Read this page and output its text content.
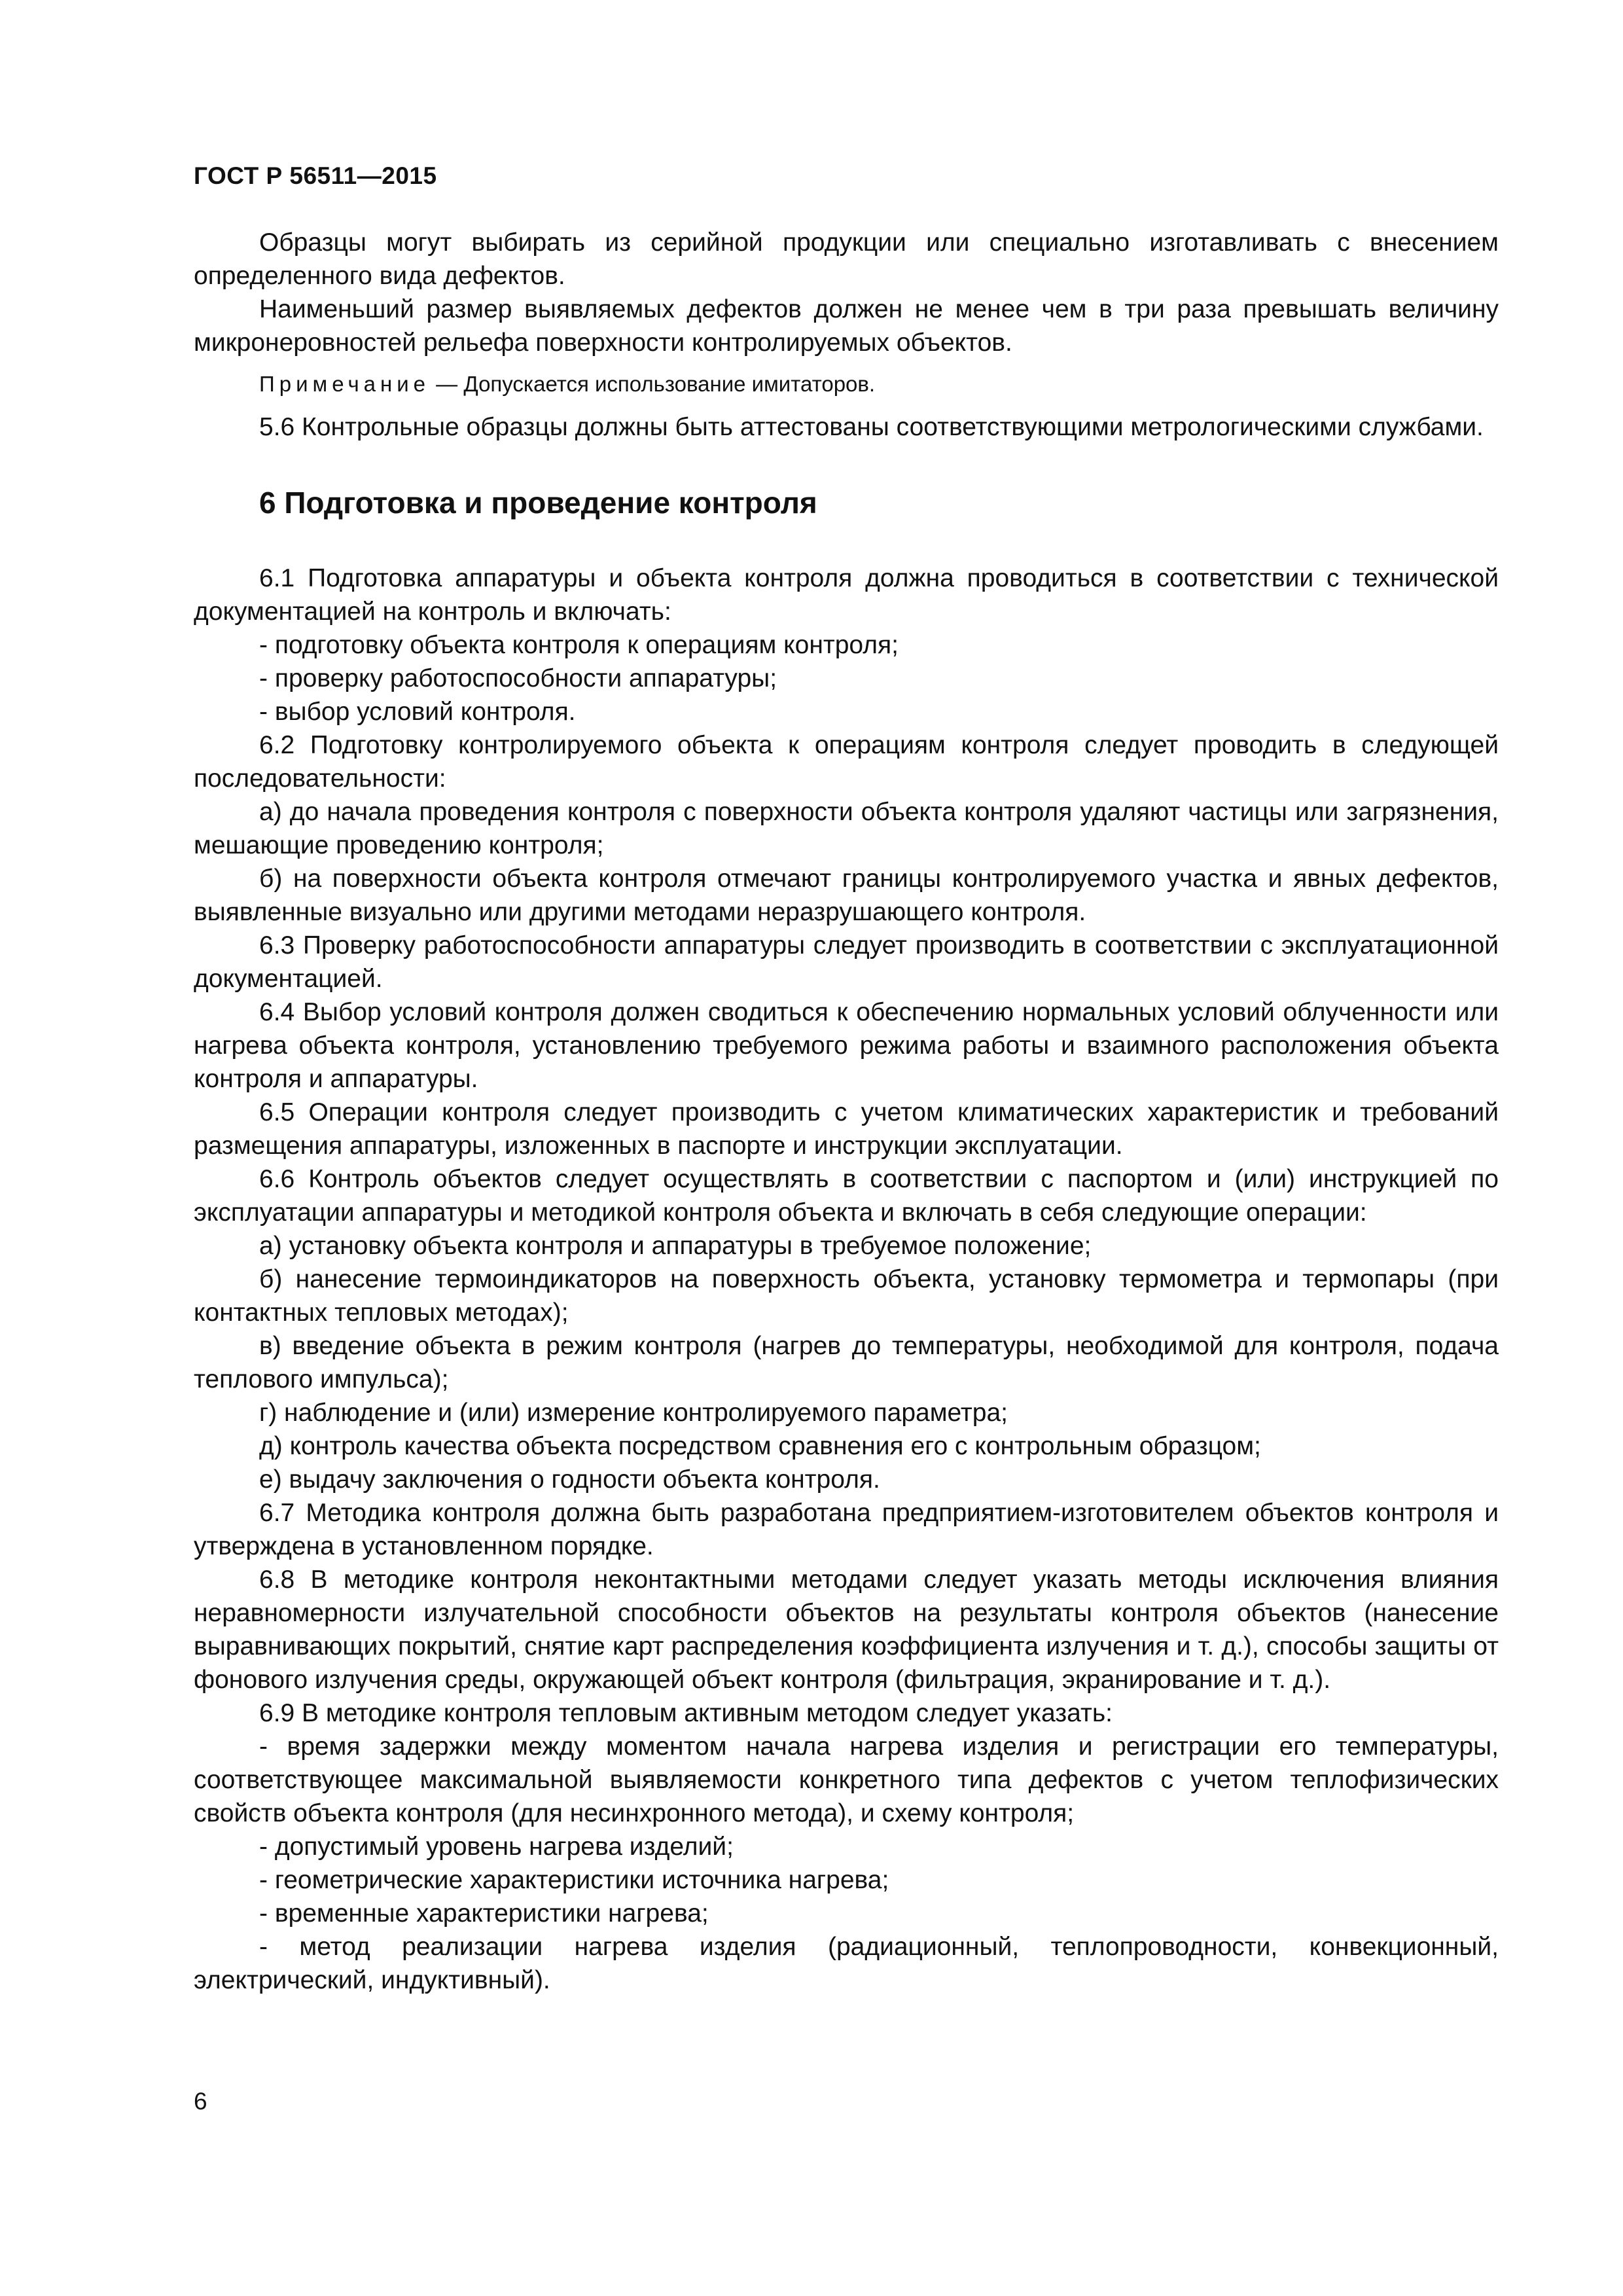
ГОСТ Р 56511—2015

Образцы могут выбирать из серийной продукции или специально изготавливать с внесением определенного вида дефектов.

Наименьший размер выявляемых дефектов должен не менее чем в три раза превышать величину микронеровностей рельефа поверхности контролируемых объектов.

Примечание — Допускается использование имитаторов.

5.6 Контрольные образцы должны быть аттестованы соответствующими метрологическими службами.

6 Подготовка и проведение контроля

6.1 Подготовка аппаратуры и объекта контроля должна проводиться в соответствии с технической документацией на контроль и включать:

- подготовку объекта контроля к операциям контроля;

- проверку работоспособности аппаратуры;

- выбор условий контроля.

6.2 Подготовку контролируемого объекта к операциям контроля следует проводить в следующей последовательности:

а) до начала проведения контроля с поверхности объекта контроля удаляют частицы или загрязнения, мешающие проведению контроля;

б) на поверхности объекта контроля отмечают границы контролируемого участка и явных дефектов, выявленные визуально или другими методами неразрушающего контроля.

6.3 Проверку работоспособности аппаратуры следует производить в соответствии с эксплуатационной документацией.

6.4 Выбор условий контроля должен сводиться к обеспечению нормальных условий облученности или нагрева объекта контроля, установлению требуемого режима работы и взаимного расположения объекта контроля и аппаратуры.

6.5 Операции контроля следует производить с учетом климатических характеристик и требований размещения аппаратуры, изложенных в паспорте и инструкции эксплуатации.

6.6 Контроль объектов следует осуществлять в соответствии с паспортом и (или) инструкцией по эксплуатации аппаратуры и методикой контроля объекта и включать в себя следующие операции:

а) установку объекта контроля и аппаратуры в требуемое положение;

б) нанесение термоиндикаторов на поверхность объекта, установку термометра и термопары (при контактных тепловых методах);

в) введение объекта в режим контроля (нагрев до температуры, необходимой для контроля, подача теплового импульса);

г) наблюдение и (или) измерение контролируемого параметра;

д) контроль качества объекта посредством сравнения его с контрольным образцом;

е) выдачу заключения о годности объекта контроля.

6.7 Методика контроля должна быть разработана предприятием-изготовителем объектов контроля и утверждена в установленном порядке.

6.8 В методике контроля неконтактными методами следует указать методы исключения влияния неравномерности излучательной способности объектов на результаты контроля объектов (нанесение выравнивающих покрытий, снятие карт распределения коэффициента излучения и т. д.), способы защиты от фонового излучения среды, окружающей объект контроля (фильтрация, экранирование и т. д.).

6.9 В методике контроля тепловым активным методом следует указать:

- время задержки между моментом начала нагрева изделия и регистрации его температуры, соответствующее максимальной выявляемости конкретного типа дефектов с учетом теплофизических свойств объекта контроля (для несинхронного метода), и схему контроля;

- допустимый уровень нагрева изделий;

- геометрические характеристики источника нагрева;

- временные характеристики нагрева;

- метод реализации нагрева изделия (радиационный, теплопроводности, конвекционный, электрический, индуктивный).

6
